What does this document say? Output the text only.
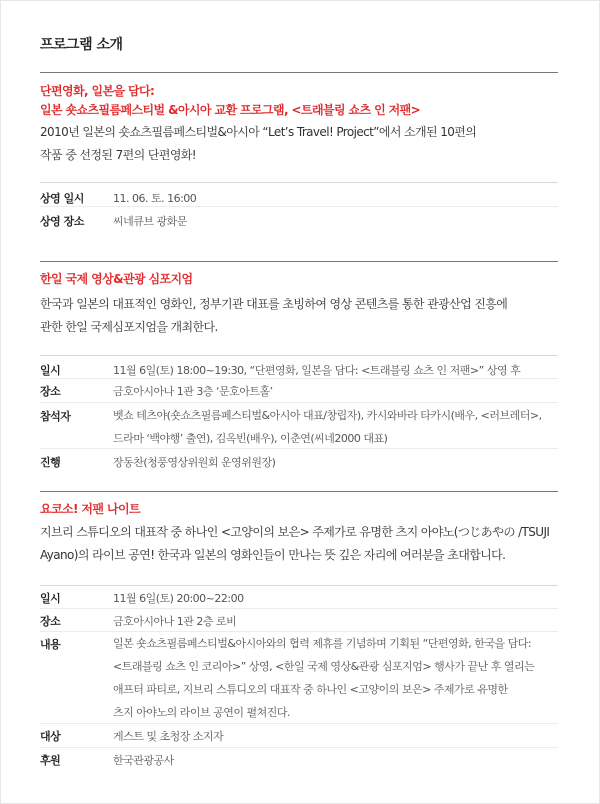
프로그램 소개
단편영화, 일본을 담다:
일본 숏쇼츠필름페스티벌 &아시아 교환 프로그램, <트래블링 쇼츠 인 저팬>
2010년 일본의 숏쇼츠필름페스티벌&아시아 “Let’s Travel! Project”에서 소개된 10편의
작품 중 선정된 7편의 단편영화!
상영 일시	11. 06. 토. 16:00

상영 장소	씨네큐브 광화문
한일 국제 영상&관광 심포지엄
한국과 일본의 대표적인 영화인, 정부기관 대표를 초빙하여 영상 콘텐츠를 통한 관광산업 진흥에
관한 한일 국제심포지엄을 개최한다.
일시	11월 6일(토) 18:00~19:30, “단편영화, 일본을 담다: <트래블링 쇼츠 인 저팬>” 상영 후

장소	금호아시아나 1관 3층 ‘문호아트홀’

참석자	벳쇼 테츠야(숏쇼츠필름페스티벌&아시아 대표/창립자), 카시와바라 타카시(배우, <러브레터>,
드라마 ‘백야행’ 출연), 김옥빈(배우), 이춘연(씨네2000 대표)

진행	장동찬(청풍영상위원회 운영위원장)
요코소! 저팬 나이트
지브리 스튜디오의 대표작 중 하나인 <고양이의 보은> 주제가로 유명한 츠지 아야노(つじあやの /TSUJI
Ayano)의 라이브 공연! 한국과 일본의 영화인들이 만나는 뜻 깊은 자리에 여러분을 초대합니다.
일시	11월 6일(토) 20:00~22:00

장소	금호아시아나 1관 2층 로비

내용	일본 숏쇼츠필름페스티벌&아시아와의 협력 제휴를 기념하며 기획된 “단편영화, 한국을 담다:
<트래블링 쇼츠 인 코리아>” 상영, <한일 국제 영상&관광 심포지엄> 행사가 끝난 후 열리는
애프터 파티로, 지브리 스튜디오의 대표작 중 하나인 <고양이의 보은> 주제가로 유명한
츠지 아야노의 라이브 공연이 펼쳐진다.

대상	게스트 및 초청장 소지자

후원	한국관광공사
